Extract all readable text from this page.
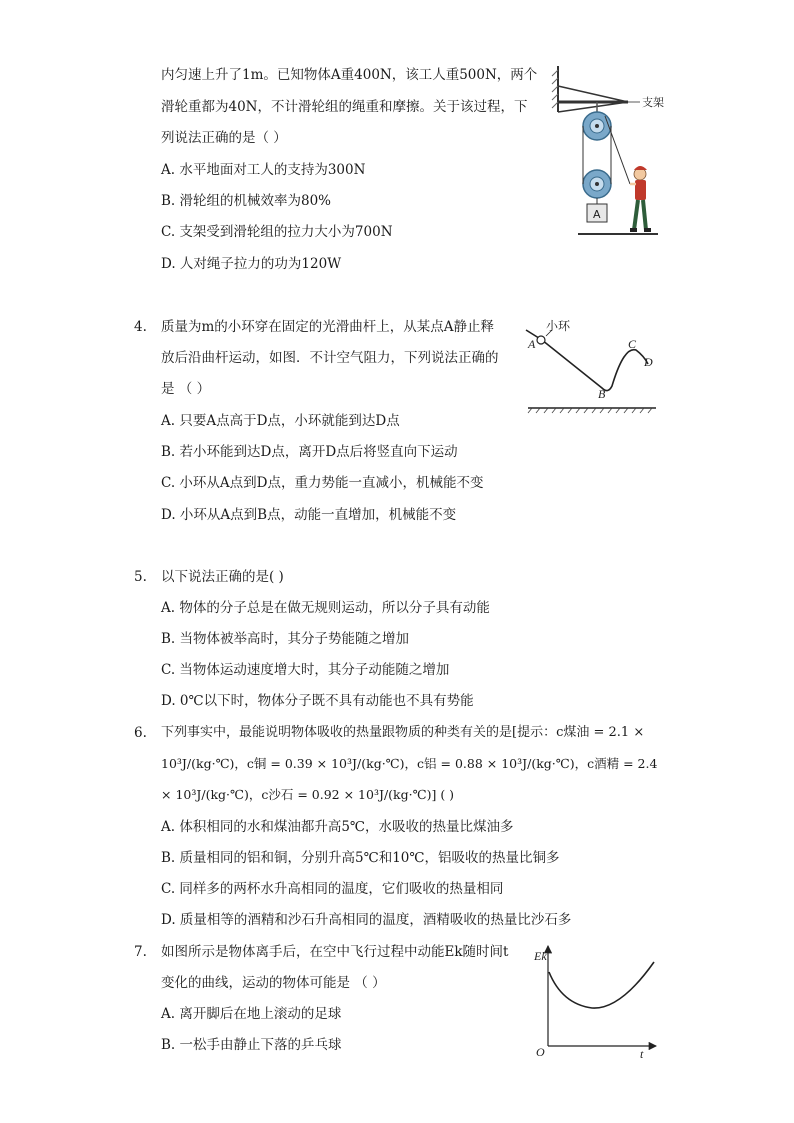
内匀速上升了1m。已知物体A重400N，该工人重500N，两个
滑轮重都为40N，不计滑轮组的绳重和摩擦。关于该过程，下
列说法正确的是（ ）
A. 水平地面对工人的支持为300N
B. 滑轮组的机械效率为80%
C. 支架受到滑轮组的拉力大小为700N
D. 人对绳子拉力的功为120W
支架
A
4. 质量为m的小环穿在固定的光滑曲杆上，从某点A静止释
放后沿曲杆运动，如图．不计空气阻力，下列说法正确的
是 （ ）
A. 只要A点高于D点，小环就能到达D点
B. 若小环能到达D点，离开D点后将竖直向下运动
C. 小环从A点到D点，重力势能一直减小，机械能不变
D. 小环从A点到B点，动能一直增加，机械能不变
小环
A
B
C
D
5. 以下说法正确的是( )
A. 物体的分子总是在做无规则运动，所以分子具有动能
B. 当物体被举高时，其分子势能随之增加
C. 当物体运动速度增大时，其分子动能随之增加
D. 0℃以下时，物体分子既不具有动能也不具有势能
6. 下列事实中，最能说明物体吸收的热量跟物质的种类有关的是[提示：c煤油 = 2.1 ×
10³J/(kg·℃)，c铜 = 0.39 × 10³J/(kg·℃)，c铝 = 0.88 × 10³J/(kg·℃)，c酒精 = 2.4
× 10³J/(kg·℃)，c沙石 = 0.92 × 10³J/(kg·℃)] ( )
A. 体积相同的水和煤油都升高5℃，水吸收的热量比煤油多
B. 质量相同的铝和铜，分别升高5℃和10℃，铝吸收的热量比铜多
C. 同样多的两杯水升高相同的温度，它们吸收的热量相同
D. 质量相等的酒精和沙石升高相同的温度，酒精吸收的热量比沙石多
7. 如图所示是物体离手后，在空中飞行过程中动能Ek随时间t
变化的曲线，运动的物体可能是 （ ）
A. 离开脚后在地上滚动的足球
B. 一松手由静止下落的乒乓球
Ek
t
O
